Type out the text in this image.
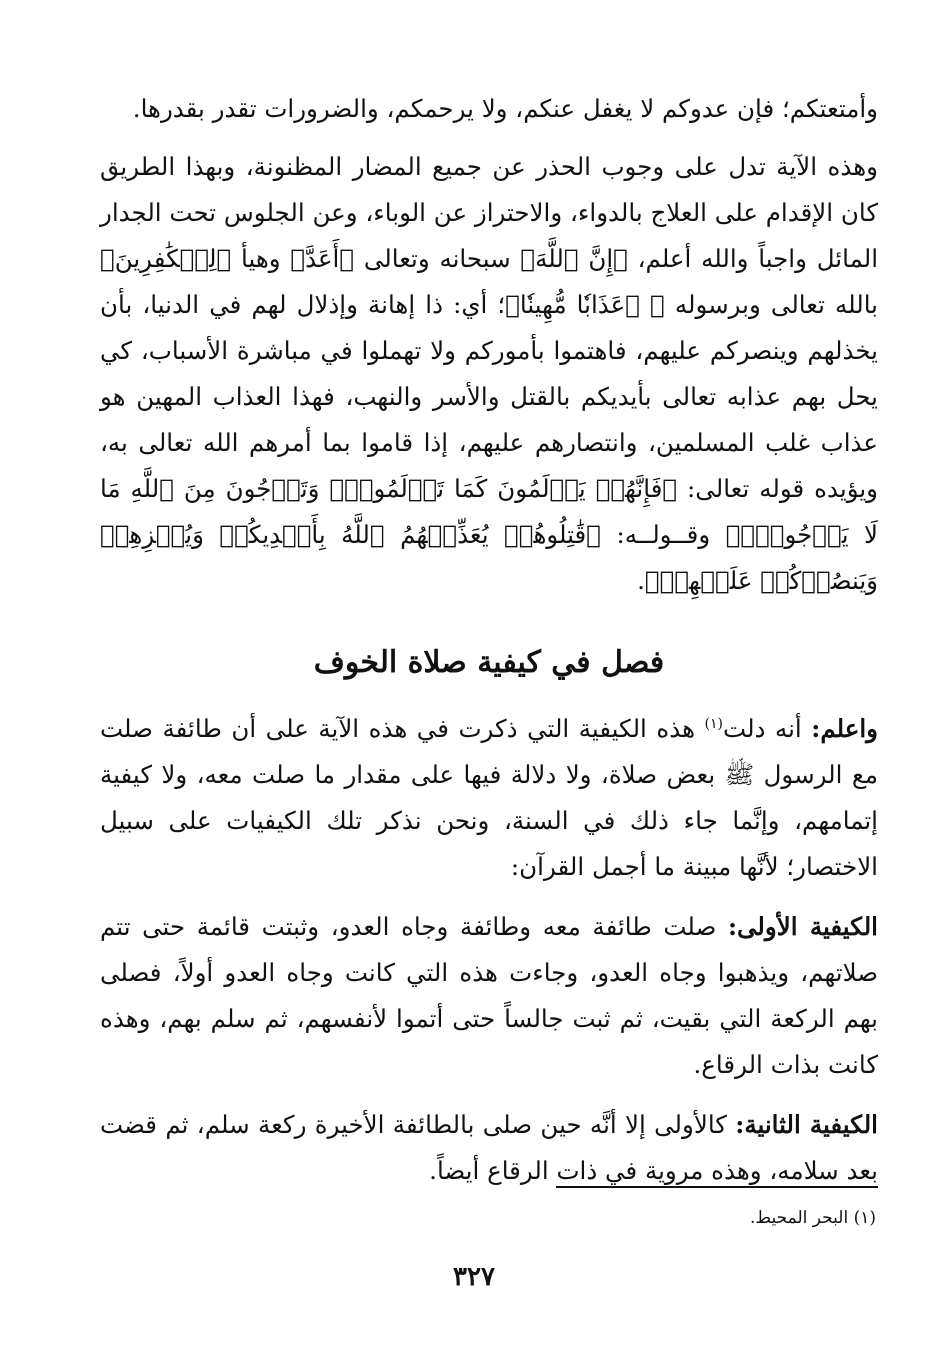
وأمتعتكم؛ فإن عدوكم لا يغفل عنكم، ولا يرحمكم، والضرورات تقدر بقدرها.

وهذه الآية تدل على وجوب الحذر عن جميع المضار المظنونة، وبهذا الطريق كان الإقدام على العلاج بالدواء، والاحتراز عن الوباء، وعن الجلوس تحت الجدار المائل واجباً والله أعلم، ﴿إِنَّ ٱللَّهَ﴾ سبحانه وتعالى ﴿أَعَدَّ﴾ وهيأ ﴿لِلۡكَٰفِرِينَ﴾ بالله تعالى وبرسوله ﷺ ﴿عَذَابٗا مُّهِينٗا﴾؛ أي: ذا إهانة وإذلال لهم في الدنيا، بأن يخذلهم وينصركم عليهم، فاهتموا بأموركم ولا تهملوا في مباشرة الأسباب، كي يحل بهم عذابه تعالى بأيديكم بالقتل والأسر والنهب، فهذا العذاب المهين هو عذاب غلب المسلمين، وانتصارهم عليهم، إذا قاموا بما أمرهم الله تعالى به، ويؤيده قوله تعالى: ﴿فَإِنَّهُمۡ يَأۡلَمُونَ كَمَا تَأۡلَمُونَۖ وَتَرۡجُونَ مِنَ ٱللَّهِ مَا لَا يَرۡجُونَۗ﴾ وقــولــه: ﴿قَٰتِلُوهُمۡ يُعَذِّبۡهُمُ ٱللَّهُ بِأَيۡدِيكُمۡ وَيُخۡزِهِمۡ وَيَنصُرۡكُمۡ عَلَيۡهِمۡ﴾.

فصل في كيفية صلاة الخوف

واعلم: أنه دلت$^{(١)}$ هذه الكيفية التي ذكرت في هذه الآية على أن طائفة صلت مع الرسول ﷺ بعض صلاة، ولا دلالة فيها على مقدار ما صلت معه، ولا كيفية إتمامهم، وإنَّما جاء ذلك في السنة، ونحن نذكر تلك الكيفيات على سبيل الاختصار؛ لأنَّها مبينة ما أجمل القرآن:

الكيفية الأولى: صلت طائفة معه وطائفة وجاه العدو، وثبتت قائمة حتى تتم صلاتهم، ويذهبوا وجاه العدو، وجاءت هذه التي كانت وجاه العدو أولاً، فصلى بهم الركعة التي بقيت، ثم ثبت جالساً حتى أتموا لأنفسهم، ثم سلم بهم، وهذه كانت بذات الرقاع.

الكيفية الثانية: كالأولى إلا أنَّه حين صلى بالطائفة الأخيرة ركعة سلم، ثم قضت بعد سلامه، وهذه مروية في ذات الرقاع أيضاً.

(١) البحر المحيط.
٣٢٧
